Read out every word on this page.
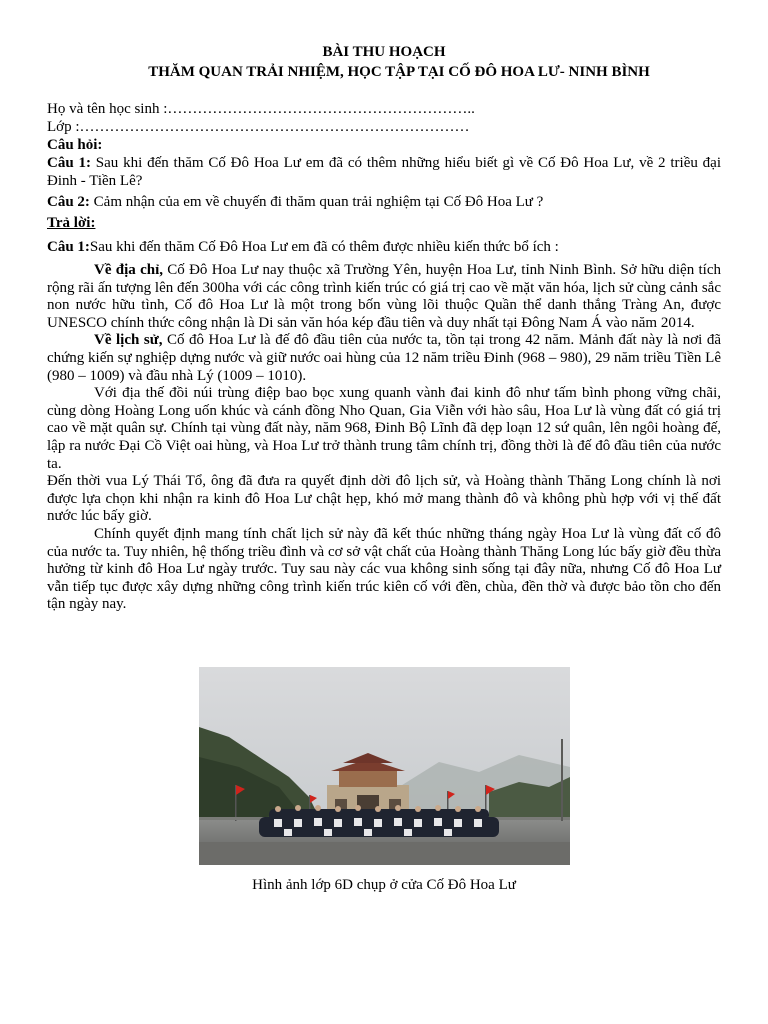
BÀI THU HOẠCH
THĂM QUAN TRẢI NHIỆM, HỌC TẬP TẠI CỐ ĐÔ HOA LƯ- NINH BÌNH

Họ và tên học sinh :……………………………………………………..

Lớp :……………………………………………………………………

Câu hỏi:

Câu 1: Sau khi đến thăm Cố Đô Hoa Lư em đã có thêm những hiểu biết gì về Cố Đô Hoa Lư, về 2 triều đại Đinh - Tiền Lê?

Câu 2: Cảm nhận của em về chuyến đi thăm quan trải nghiệm tại Cố Đô Hoa Lư ?

Trả lời:

Câu 1:Sau khi đến thăm Cố Đô Hoa Lư em đã có thêm được nhiều kiến thức bổ ích :

Về địa chỉ, Cố Đô Hoa Lư nay thuộc xã Trường Yên, huyện Hoa Lư, tỉnh Ninh Bình. Sở hữu diện tích rộng rãi ấn tượng lên đến 300ha với các công trình kiến trúc có giá trị cao về mặt văn hóa, lịch sử cùng cảnh sắc non nước hữu tình, Cố đô Hoa Lư là một trong bốn vùng lõi thuộc Quần thể danh thắng Tràng An, được UNESCO chính thức công nhận là Di sản văn hóa kép đầu tiên và duy nhất tại Đông Nam Á vào năm 2014.

Về lịch sử, Cố đô Hoa Lư là đế đô đầu tiên của nước ta, tồn tại trong 42 năm. Mảnh đất này là nơi đã chứng kiến sự nghiệp dựng nước và giữ nước oai hùng của 12 năm triều Đinh (968 – 980), 29 năm triều Tiền Lê (980 – 1009) và đầu nhà Lý (1009 – 1010).

Với địa thế đồi núi trùng điệp bao bọc xung quanh vành đai kinh đô như tấm bình phong vững chãi, cùng dòng Hoàng Long uốn khúc và cánh đồng Nho Quan, Gia Viễn với hào sâu, Hoa Lư là vùng đất có giá trị cao về mặt quân sự. Chính tại vùng đất này, năm 968, Đinh Bộ Lĩnh đã dẹp loạn 12 sứ quân, lên ngôi hoàng đế, lập ra nước Đại Cồ Việt oai hùng, và Hoa Lư trở thành trung tâm chính trị, đồng thời là đế đô đầu tiên của nước ta.

Đến thời vua Lý Thái Tổ, ông đã đưa ra quyết định dời đô lịch sử, và Hoàng thành Thăng Long chính là nơi được lựa chọn khi nhận ra kinh đô Hoa Lư chật hẹp, khó mở mang thành đô và không phù hợp với vị thế đất nước lúc bấy giờ.

Chính quyết định mang tính chất lịch sử này đã kết thúc những tháng ngày Hoa Lư là vùng đất cố đô của nước ta. Tuy nhiên, hệ thống triều đình và cơ sở vật chất của Hoàng thành Thăng Long lúc bấy giờ đều thừa hưởng từ kinh đô Hoa Lư ngày trước. Tuy sau này các vua không sinh sống tại đây nữa, nhưng Cố đô Hoa Lư vẫn tiếp tục được xây dựng những công trình kiến trúc kiên cố với đền, chùa, đền thờ và được bảo tồn cho đến tận ngày nay.

Hình ảnh lớp 6D chụp ở cửa Cố Đô Hoa Lư
